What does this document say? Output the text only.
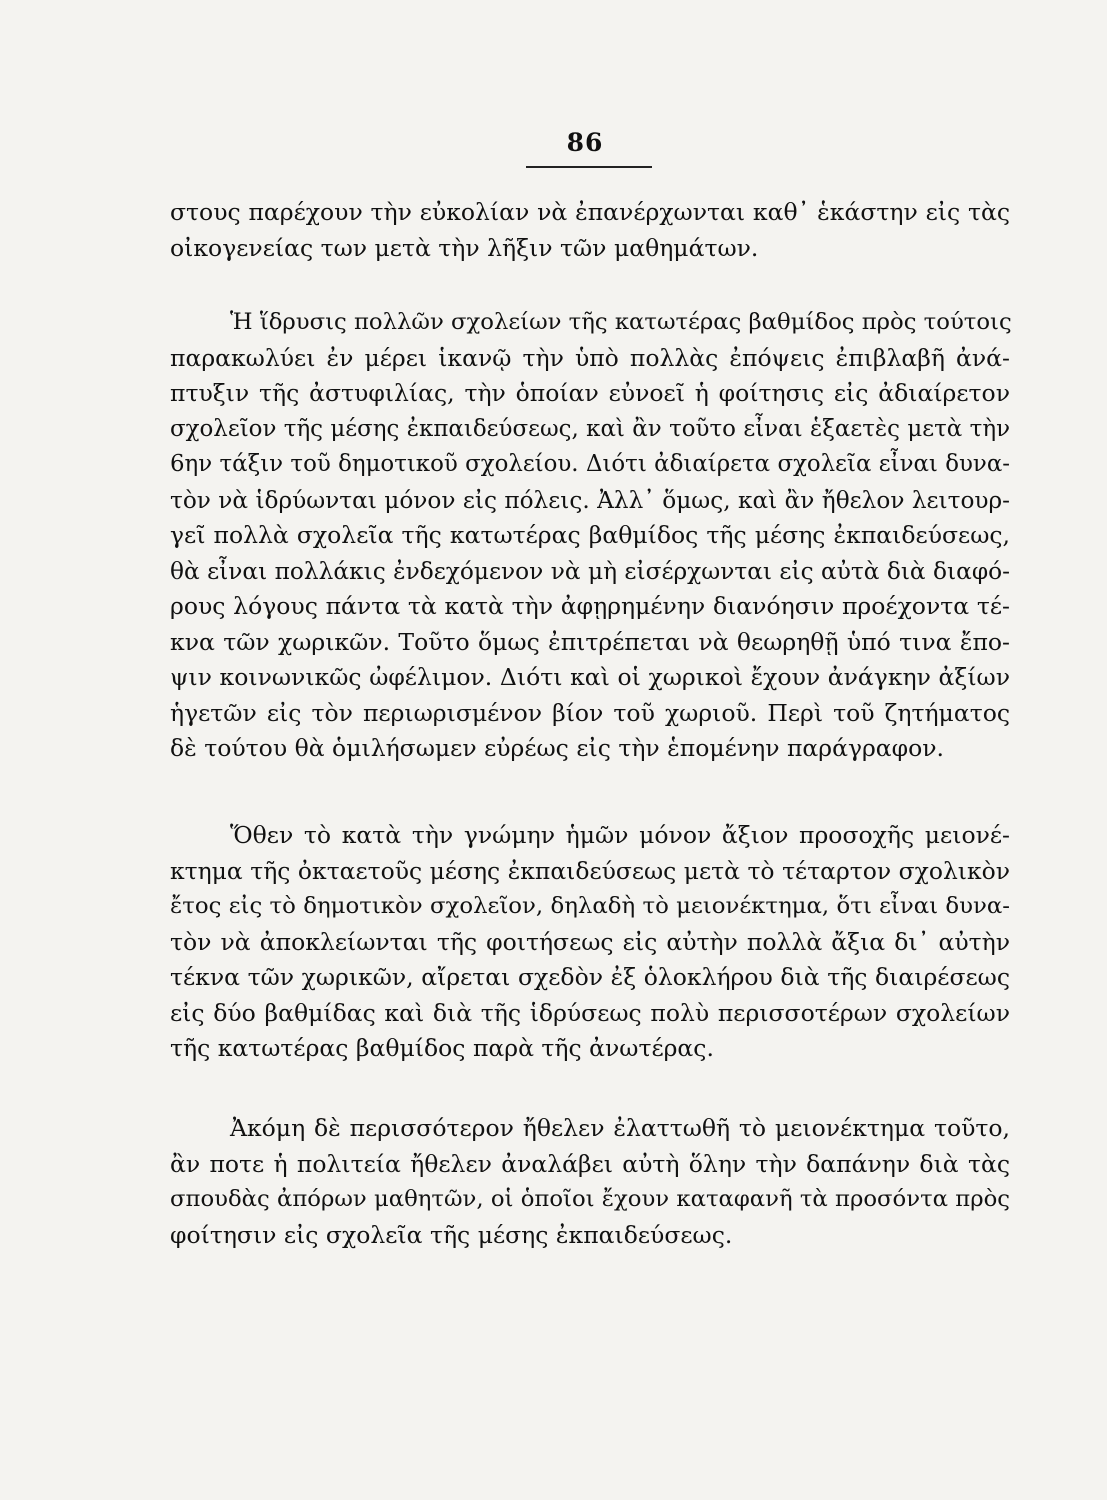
86
στους παρέχουν τὴν εὐκολίαν νὰ ἐπανέρχωνται καθ᾽ ἑκάστην εἰς τὰς
οἰκογενείας των μετὰ τὴν λῆξιν τῶν μαθημάτων.
Ἡ ἵδρυσις πολλῶν σχολείων τῆς κατωτέρας βαθμίδος πρὸς τούτοις
παρακωλύει ἐν μέρει ἱκανῷ τὴν ὑπὸ πολλὰς ἐπόψεις ἐπιβλαβῆ ἀνά-
πτυξιν τῆς ἀστυφιλίας, τὴν ὁποίαν εὐνοεῖ ἡ φοίτησις εἰς ἀδιαίρετον
σχολεῖον τῆς μέσης ἐκπαιδεύσεως, καὶ ἂν τοῦτο εἶναι ἑξαετὲς μετὰ τὴν
6ην τάξιν τοῦ δημοτικοῦ σχολείου. Διότι ἀδιαίρετα σχολεῖα εἶναι δυνα-
τὸν νὰ ἱδρύωνται μόνον εἰς πόλεις. Ἀλλ᾽ ὅμως, καὶ ἂν ἤθελον λειτουρ-
γεῖ πολλὰ σχολεῖα τῆς κατωτέρας βαθμίδος τῆς μέσης ἐκπαιδεύσεως,
θὰ εἶναι πολλάκις ἐνδεχόμενον νὰ μὴ εἰσέρχωνται εἰς αὐτὰ διὰ διαφό-
ρους λόγους πάντα τὰ κατὰ τὴν ἀφῃρημένην διανόησιν προέχοντα τέ-
κνα τῶν χωρικῶν. Τοῦτο ὅμως ἐπιτρέπεται νὰ θεωρηθῇ ὑπό τινα ἔπο-
ψιν κοινωνικῶς ὠφέλιμον. Διότι καὶ οἱ χωρικοὶ ἔχουν ἀνάγκην ἀξίων
ἡγετῶν εἰς τὸν περιωρισμένον βίον τοῦ χωριοῦ. Περὶ τοῦ ζητήματος
δὲ τούτου θὰ ὁμιλήσωμεν εὐρέως εἰς τὴν ἑπομένην παράγραφον.
Ὅθεν τὸ κατὰ τὴν γνώμην ἡμῶν μόνον ἄξιον προσοχῆς μειονέ-
κτημα τῆς ὀκταετοῦς μέσης ἐκπαιδεύσεως μετὰ τὸ τέταρτον σχολικὸν
ἔτος εἰς τὸ δημοτικὸν σχολεῖον, δηλαδὴ τὸ μειονέκτημα, ὅτι εἶναι δυνα-
τὸν νὰ ἀποκλείωνται τῆς φοιτήσεως εἰς αὐτὴν πολλὰ ἄξια δι᾽ αὐτὴν
τέκνα τῶν χωρικῶν, αἴρεται σχεδὸν ἐξ ὁλοκλήρου διὰ τῆς διαιρέσεως
εἰς δύο βαθμίδας καὶ διὰ τῆς ἱδρύσεως πολὺ περισσοτέρων σχολείων
τῆς κατωτέρας βαθμίδος παρὰ τῆς ἀνωτέρας.
Ἀκόμη δὲ περισσότερον ἤθελεν ἐλαττωθῆ τὸ μειονέκτημα τοῦτο,
ἂν ποτε ἡ πολιτεία ἤθελεν ἀναλάβει αὐτὴ ὅλην τὴν δαπάνην διὰ τὰς
σπουδὰς ἀπόρων μαθητῶν, οἱ ὁποῖοι ἔχουν καταφανῆ τὰ προσόντα πρὸς
φοίτησιν εἰς σχολεῖα τῆς μέσης ἐκπαιδεύσεως.
